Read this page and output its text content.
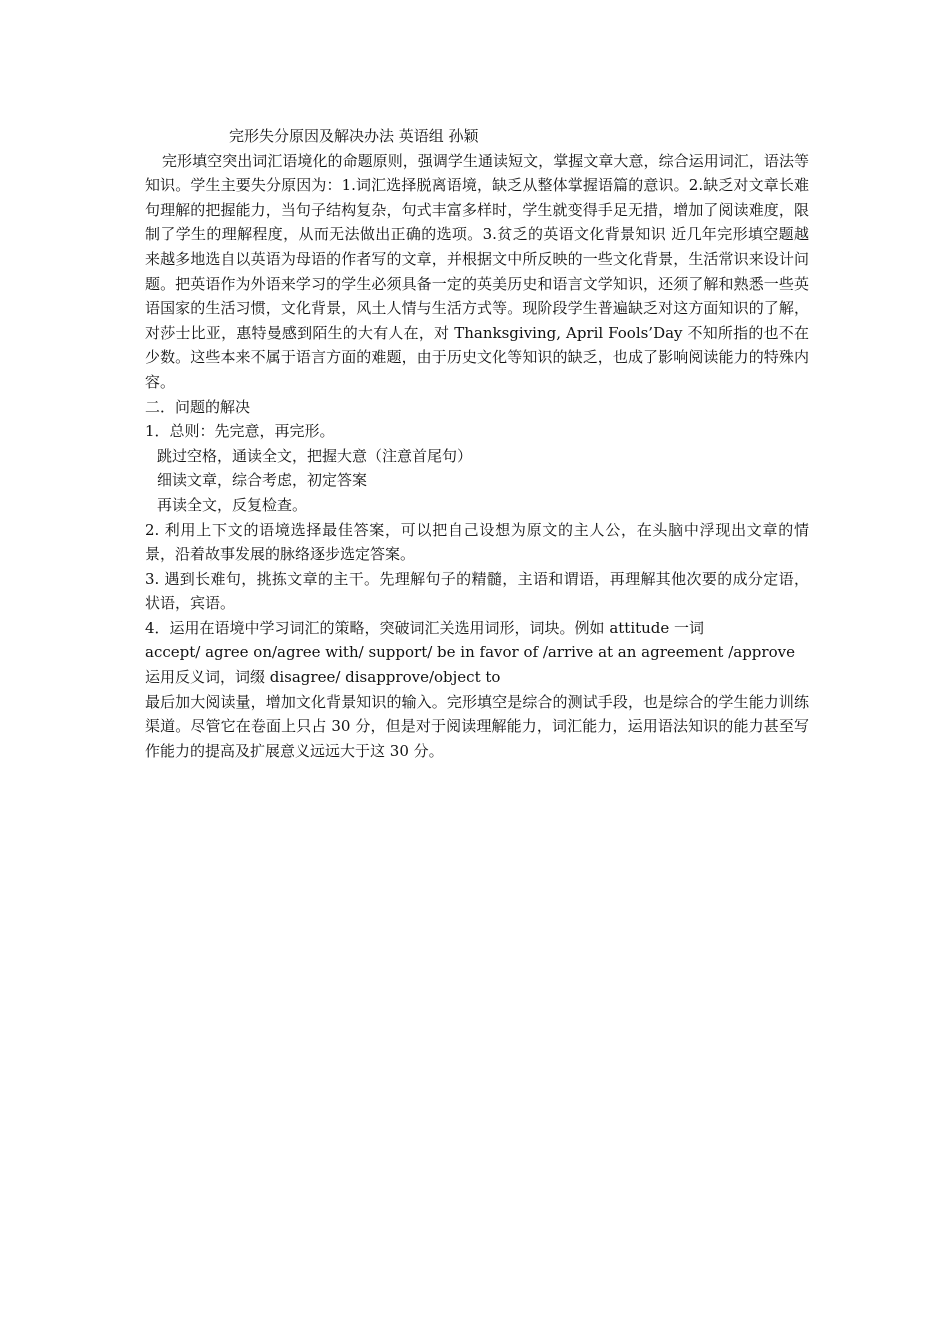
完形失分原因及解决办法 英语组 孙颖

完形填空突出词汇语境化的命题原则，强调学生通读短文，掌握文章大意，综合运用词汇，语法等知识。学生主要失分原因为：1.词汇选择脱离语境，缺乏从整体掌握语篇的意识。2.缺乏对文章长难句理解的把握能力，当句子结构复杂，句式丰富多样时，学生就变得手足无措，增加了阅读难度，限制了学生的理解程度，从而无法做出正确的选项。3.贫乏的英语文化背景知识 近几年完形填空题越来越多地选自以英语为母语的作者写的文章，并根据文中所反映的一些文化背景，生活常识来设计问题。把英语作为外语来学习的学生必须具备一定的英美历史和语言文学知识，还须了解和熟悉一些英语国家的生活习惯，文化背景，风土人情与生活方式等。现阶段学生普遍缺乏对这方面知识的了解，对莎士比亚，惠特曼感到陌生的大有人在，对 Thanksgiving, April Fools’Day 不知所指的也不在少数。这些本来不属于语言方面的难题，由于历史文化等知识的缺乏，也成了影响阅读能力的特殊内容。

二．问题的解决

1．总则：先完意，再完形。

跳过空格，通读全文，把握大意（注意首尾句）

细读文章，综合考虑，初定答案

再读全文，反复检查。

2. 利用上下文的语境选择最佳答案，可以把自己设想为原文的主人公，在头脑中浮现出文章的情景，沿着故事发展的脉络逐步选定答案。

3. 遇到长难句，挑拣文章的主干。先理解句子的精髓，主语和谓语，再理解其他次要的成分定语，状语，宾语。

4．运用在语境中学习词汇的策略，突破词汇关选用词形，词块。例如 attitude 一词

accept/ agree on/agree with/ support/ be in favor of /arrive at an agreement /approve

运用反义词，词缀 disagree/ disapprove/object to

最后加大阅读量，增加文化背景知识的输入。完形填空是综合的测试手段，也是综合的学生能力训练渠道。尽管它在卷面上只占 30 分，但是对于阅读理解能力，词汇能力，运用语法知识的能力甚至写作能力的提高及扩展意义远远大于这 30 分。
